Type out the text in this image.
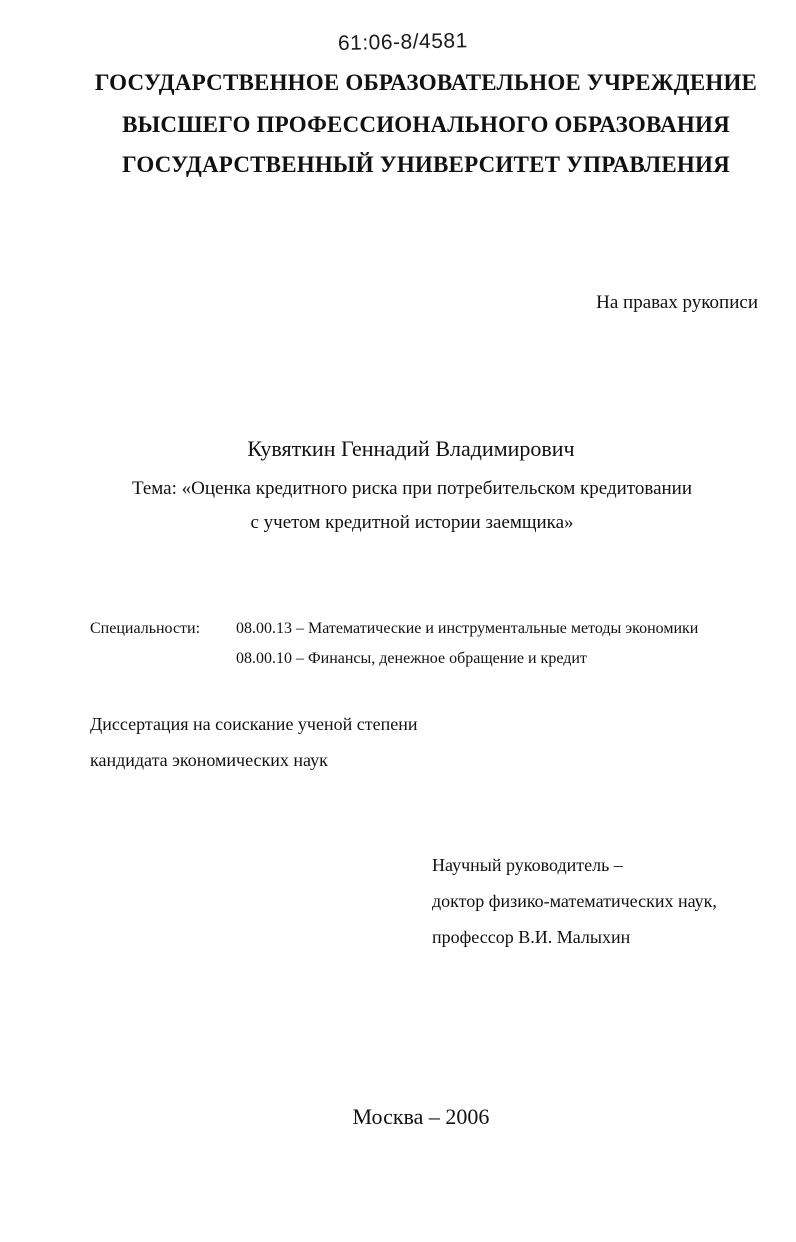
61:06-8/4581
ГОСУДАРСТВЕННОЕ ОБРАЗОВАТЕЛЬНОЕ УЧРЕЖДЕНИЕ
ВЫСШЕГО ПРОФЕССИОНАЛЬНОГО ОБРАЗОВАНИЯ
ГОСУДАРСТВЕННЫЙ УНИВЕРСИТЕТ УПРАВЛЕНИЯ
На правах рукописи
Кувяткин Геннадий Владимирович
Тема: «Оценка кредитного риска при потребительском кредитовании
с учетом кредитной истории заемщика»
Специальности: 08.00.13 – Математические и инструментальные методы экономики
08.00.10 – Финансы, денежное обращение и кредит
Диссертация на соискание ученой степени
кандидата экономических наук
Научный руководитель –
доктор физико-математических наук,
профессор В.И. Малыхин
Москва – 2006
